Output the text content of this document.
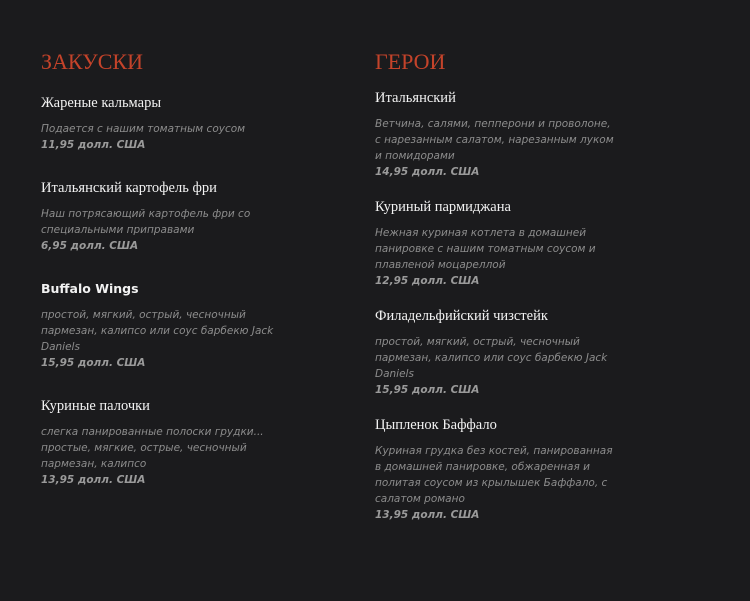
ЗАКУСКИ
Жареные кальмары
Подается с нашим томатным соусом
11,95 долл. США
Итальянский картофель фри
Наш потрясающий картофель фри со специальными приправами
6,95 долл. США
Buffalo Wings
простой, мягкий, острый, чесночный пармезан, калипсо или соус барбекю Jack Daniels
15,95 долл. США
Куриные палочки
слегка панированные полоски грудки... простые, мягкие, острые, чесночный пармезан, калипсо
13,95 долл. США
ГЕРОИ
Итальянский
Ветчина, салями, пепперони и проволоне, с нарезанным салатом, нарезанным луком и помидорами
14,95 долл. США
Куриный пармиджана
Нежная куриная котлета в домашней панировке с нашим томатным соусом и плавленой моцареллой
12,95 долл. США
Филадельфийский чизстейк
простой, мягкий, острый, чесночный пармезан, калипсо или соус барбекю Jack Daniels
15,95 долл. США
Цыпленок Баффало
Куриная грудка без костей, панированная в домашней панировке, обжаренная и политая соусом из крылышек Баффало, с салатом романо
13,95 долл. США
